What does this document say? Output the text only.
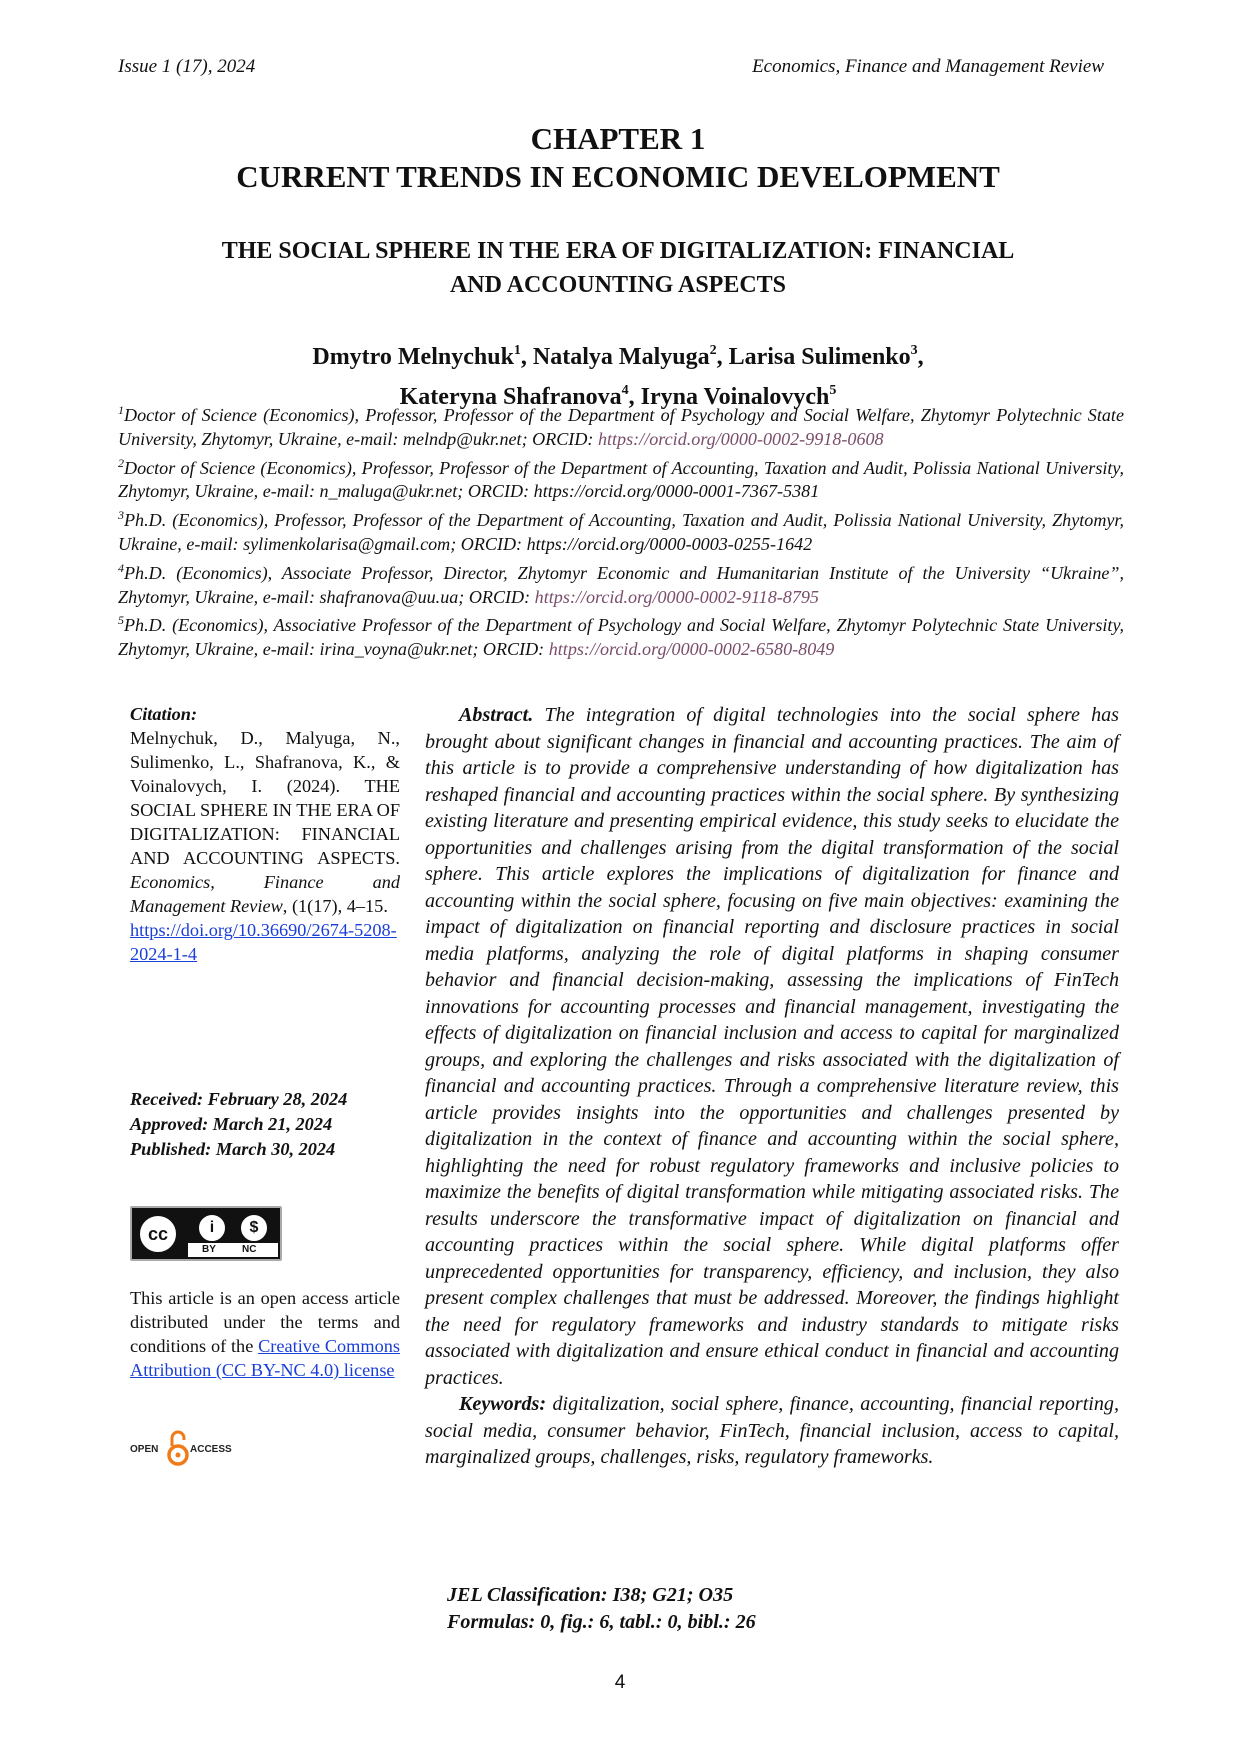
Issue 1 (17), 2024	Economics, Finance and Management Review
CHAPTER 1
CURRENT TRENDS IN ECONOMIC DEVELOPMENT
THE SOCIAL SPHERE IN THE ERA OF DIGITALIZATION: FINANCIAL
AND ACCOUNTING ASPECTS
Dmytro Melnychuk$^1$, Natalya Malyuga$^2$, Larisa Sulimenko$^3$,
Kateryna Shafranova$^4$, Iryna Voinalovych$^5$

$^1$Doctor of Science (Economics), Professor, Professor of the Department of Psychology and Social Welfare, Zhytomyr Polytechnic State University, Zhytomyr, Ukraine, e-mail: melndp@ukr.net; ORCID: https://orcid.org/0000-0002-9918-0608

$^2$Doctor of Science (Economics), Professor, Professor of the Department of Accounting, Taxation and Audit, Polissia National University, Zhytomyr, Ukraine, e-mail: n_maluga@ukr.net; ORCID: https://orcid.org/0000-0001-7367-5381

$^3$Ph.D. (Economics), Professor, Professor of the Department of Accounting, Taxation and Audit, Polissia National University, Zhytomyr, Ukraine, e-mail: sylimenkolarisa@gmail.com; ORCID: https://orcid.org/0000-0003-0255-1642

$^4$Ph.D. (Economics), Associate Professor, Director, Zhytomyr Economic and Humanitarian Institute of the University “Ukraine”, Zhytomyr, Ukraine, e-mail: shafranova@uu.ua; ORCID: https://orcid.org/0000-0002-9118-8795

$^5$Ph.D. (Economics), Associative Professor of the Department of Psychology and Social Welfare, Zhytomyr Polytechnic State University, Zhytomyr, Ukraine, e-mail: irina_voyna@ukr.net; ORCID: https://orcid.org/0000-0002-6580-8049

Citation:
Melnychuk, D., Malyuga, N., Sulimenko, L., Shafranova, K., & Voinalovych, I. (2024). THE SOCIAL SPHERE IN THE ERA OF DIGITALIZATION: FINANCIAL AND ACCOUNTING ASPECTS. Economics, Finance and Management Review, (1(17), 4–15.
https://doi.org/10.36690/2674-5208-2024-1-4
Received: February 28, 2024
Approved: March 21, 2024
Published: March 30, 2024
cc	i	$
BY	NC
This article is an open access article distributed under the terms and conditions of the Creative Commons Attribution (CC BY-NC 4.0) license
OPEN	ACCESS

Abstract. The integration of digital technologies into the social sphere has brought about significant changes in financial and accounting practices. The aim of this article is to provide a comprehensive understanding of how digitalization has reshaped financial and accounting practices within the social sphere. By synthesizing existing literature and presenting empirical evidence, this study seeks to elucidate the opportunities and challenges arising from the digital transformation of the social sphere. This article explores the implications of digitalization for finance and accounting within the social sphere, focusing on five main objectives: examining the impact of digitalization on financial reporting and disclosure practices in social media platforms, analyzing the role of digital platforms in shaping consumer behavior and financial decision-making, assessing the implications of FinTech innovations for accounting processes and financial management, investigating the effects of digitalization on financial inclusion and access to capital for marginalized groups, and exploring the challenges and risks associated with the digitalization of financial and accounting practices. Through a comprehensive literature review, this article provides insights into the opportunities and challenges presented by digitalization in the context of finance and accounting within the social sphere, highlighting the need for robust regulatory frameworks and inclusive policies to maximize the benefits of digital transformation while mitigating associated risks. The results underscore the transformative impact of digitalization on financial and accounting practices within the social sphere. While digital platforms offer unprecedented opportunities for transparency, efficiency, and inclusion, they also present complex challenges that must be addressed. Moreover, the findings highlight the need for regulatory frameworks and industry standards to mitigate risks associated with digitalization and ensure ethical conduct in financial and accounting practices.

Keywords: digitalization, social sphere, finance, accounting, financial reporting, social media, consumer behavior, FinTech, financial inclusion, access to capital, marginalized groups, challenges, risks, regulatory frameworks.

JEL Classification: I38; G21; O35
Formulas: 0, fig.: 6, tabl.: 0, bibl.: 26
4
